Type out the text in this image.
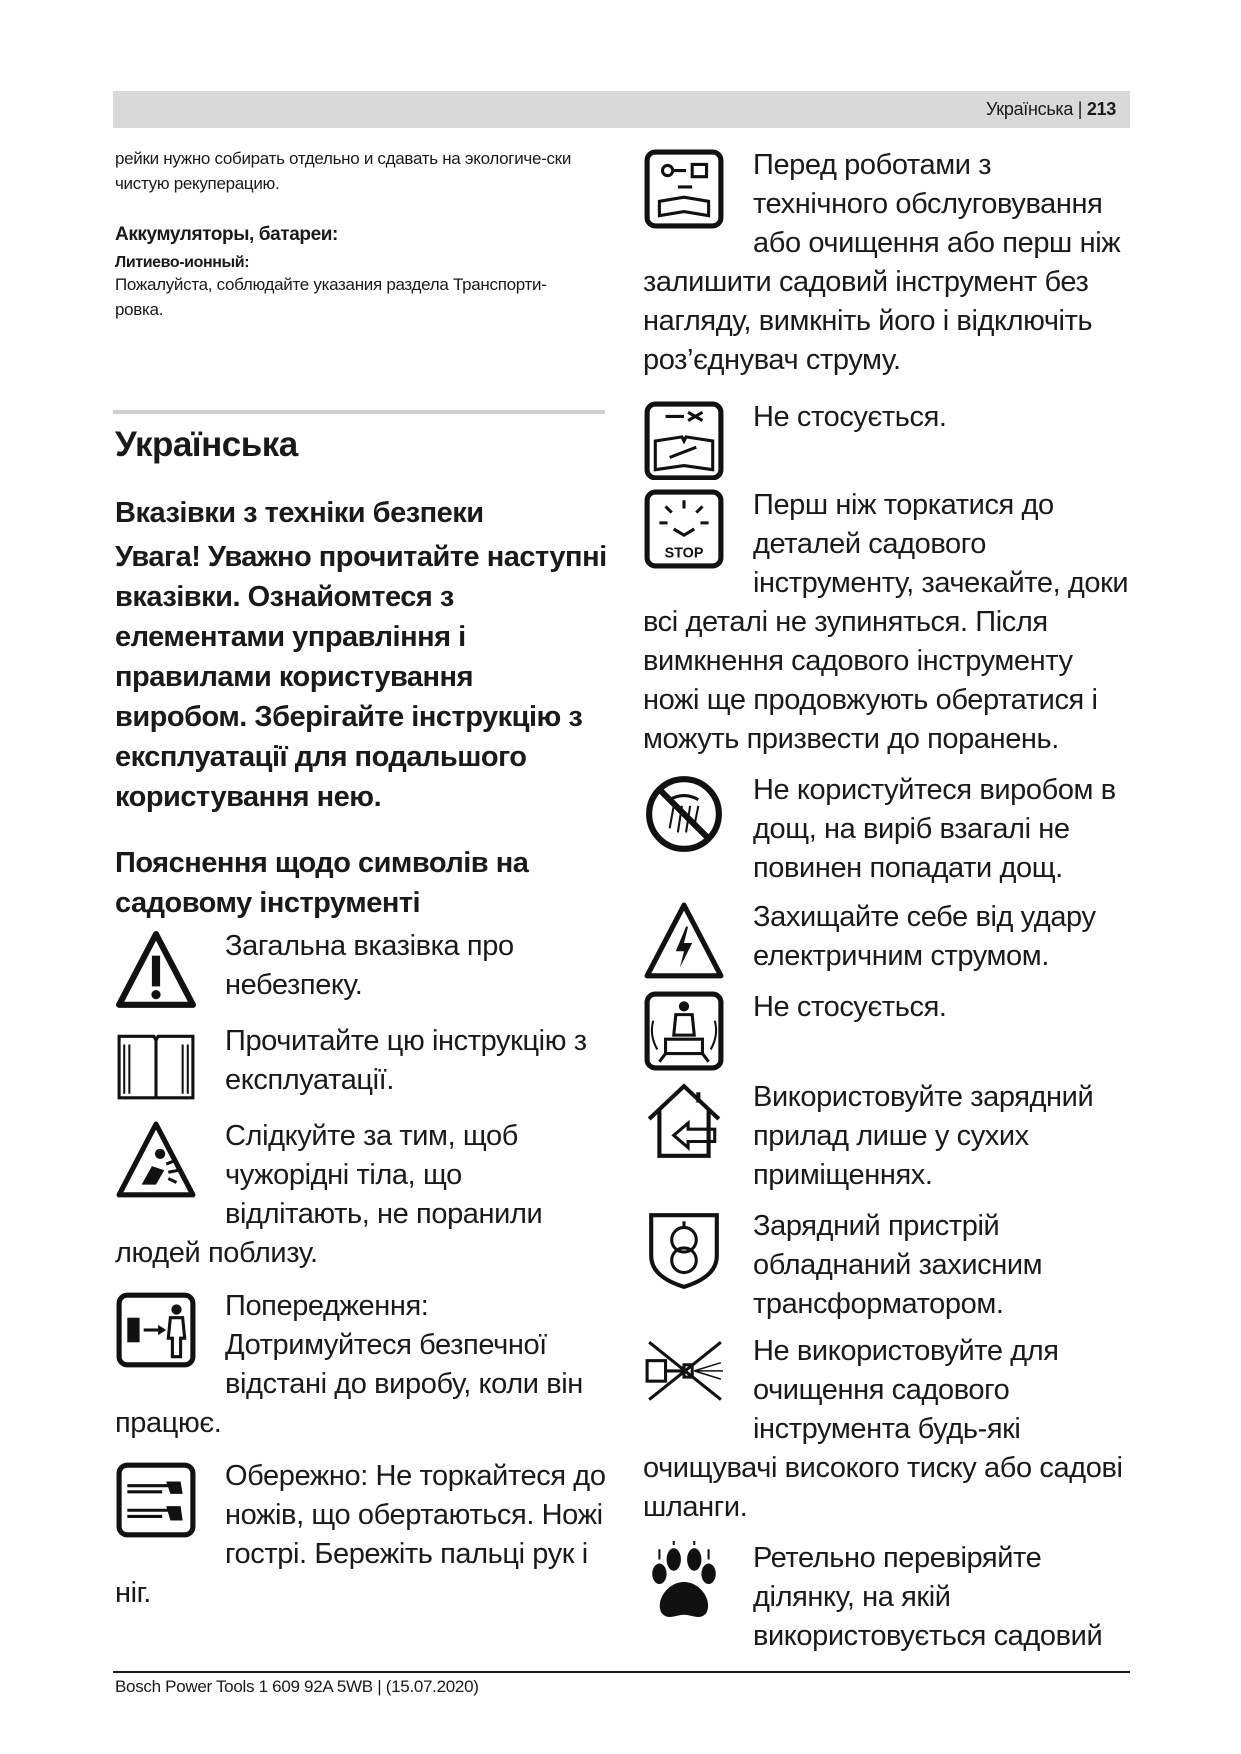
Українська | 213

рейки нужно собирать отдельно и сдавать на экологиче-ски чистую рекуперацию.

Аккумуляторы, батареи:

Литиево-ионный:

Пожалуйста, соблюдайте указания раздела Транспорти-ровка.

Українська

Вказівки з техніки безпеки

Увага! Уважно прочитайте наступні вказівки. Ознайомтеся з елементами управління і правилами користування виробом. Зберігайте інструкцію з експлуатації для подальшого користування нею.

Пояснення щодо символів на садовому інструменті

Загальна вказівка про небезпеку.

Прочитайте цю інструкцію з експлуатації.

Слідкуйте за тим, щоб чужорідні тіла, що відлітають, не поранили людей поблизу.

Попередження: Дотримуйтеся безпечної відстані до виробу, коли він працює.

Обережно: Не торкайтеся до ножів, що обертаються. Ножі гострі. Бережіть пальці рук і ніг.

Перед роботами з технічного обслуговування або очищення або перш ніж залишити садовий інструмент без нагляду, вимкніть його і відключіть роз’єднувач струму.

Не стосується.

STOP

Перш ніж торкатися до деталей садового інструменту, зачекайте, доки всі деталі не зупиняться. Після вимкнення садового інструменту ножі ще продовжують обертатися і можуть призвести до поранень.

Не користуйтеся виробом в дощ, на виріб взагалі не повинен попадати дощ.

Захищайте себе від удару електричним струмом.

Не стосується.

Використовуйте зарядний прилад лише у сухих приміщеннях.

Зарядний пристрій обладнаний захисним трансформатором.

Не використовуйте для очищення садового інструмента будь-які очищувачі високого тиску або садові шланги.

Ретельно перевіряйте ділянку, на якій використовується садовий

Bosch Power Tools 1 609 92A 5WB | (15.07.2020)
